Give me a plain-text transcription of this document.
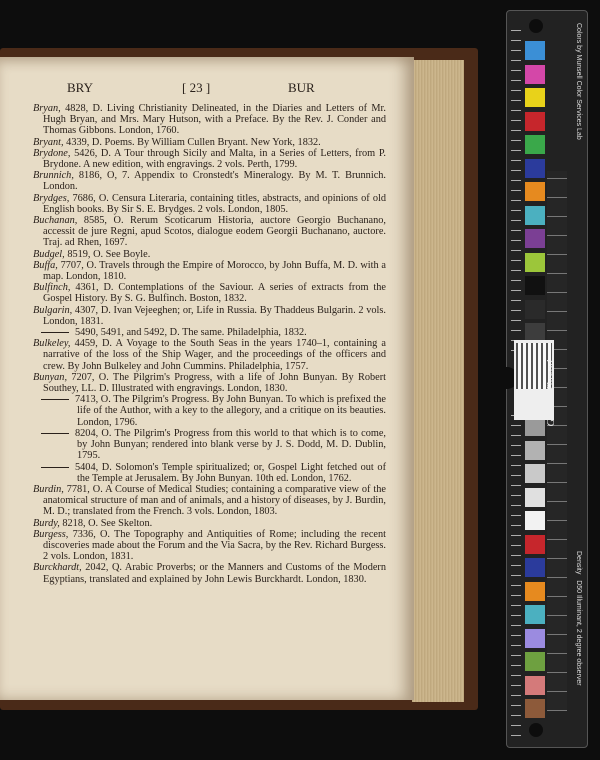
BRY	[ 23 ]	BUR
Bryan, 4828, D. Living Christianity Delineated, in the Diaries and Letters of Mr. Hugh Bryan, and Mrs. Mary Hutson, with a Preface. By the Rev. J. Conder and Thomas Gibbons. London, 1760.
Bryant, 4339, D. Poems. By William Cullen Bryant. New York, 1832.
Brydone, 5426, D. A Tour through Sicily and Malta, in a Series of Letters, from P. Brydone. A new edition, with engravings. 2 vols. Perth, 1799.
Brunnich, 8186, O, 7. Appendix to Cronstedt's Mineralogy. By M. T. Brunnich. London.
Brydges, 7686, O. Censura Literaria, containing titles, abstracts, and opinions of old English books. By Sir S. E. Brydges. 2 vols. London, 1805.
Buchanan, 8585, O. Rerum Scoticarum Historia, auctore Georgio Buchanano, accessit de jure Regni, apud Scotos, dialogue eodem Georgii Buchanano, auctore. Traj. ad Rhen, 1697.
Budgel, 8519, O. See Boyle.
Buffa, 7707, O. Travels through the Empire of Morocco, by John Buffa, M. D. with a map. London, 1810.
Bulfinch, 4361, D. Contemplations of the Saviour. A series of extracts from the Gospel History. By S. G. Bulfinch. Boston, 1832.
Bulgarin, 4307, D. Ivan Vejeeghen; or, Life in Russia. By Thaddeus Bulgarin. 2 vols. London, 1831.
5490, 5491, and 5492, D. The same. Philadelphia, 1832.
Bulkeley, 4459, D. A Voyage to the South Seas in the years 1740–1, containing a narrative of the loss of the Ship Wager, and the proceedings of the officers and crew. By John Bulkeley and John Cummins. Philadelphia, 1757.
Bunyan, 7207, O. The Pilgrim's Progress, with a life of John Bunyan. By Robert Southey, LL. D. Illustrated with engravings. London, 1830.
7413, O. The Pilgrim's Progress. By John Bunyan. To which is prefixed the life of the Author, with a key to the allegory, and a critique on its beauties. London, 1796.
8204, O. The Pilgrim's Progress from this world to that which is to come, by John Bunyan; rendered into blank verse by J. S. Dodd, M. D. Dublin, 1795.
5404, D. Solomon's Temple spiritualized; or, Gospel Light fetched out of the Temple at Jerusalem. By John Bunyan. 10th ed. London, 1762.
Burdin, 7781, O. A Course of Medical Studies; containing a comparative view of the anatomical structure of man and of animals, and a history of diseases, by J. Burdin, M. D.; translated from the French. 3 vols. London, 1803.
Burdy, 8218, O. See Skelton.
Burgess, 7336, O. The Topography and Antiquities of Rome; including the recent discoveries made about the Forum and the Via Sacra, by the Rev. Richard Burgess. 2 vols. London, 1831.
Burckhardt, 2042, Q. Arabic Proverbs; or the Manners and Customs of the Modern Egyptians, translated and explained by John Lewis Burckhardt. London, 1830.
Colors by Munsell Color Services Lab
Density   D50 Illuminant, 2 degree observer
Golden Thread
